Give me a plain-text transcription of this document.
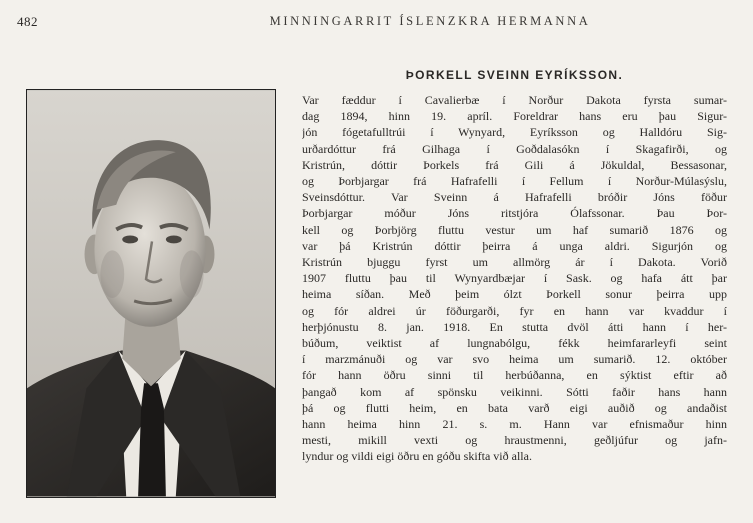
482	MINNINGARRIT ÍSLENZKRA HERMANNA
ÞORKELL SVEINN EYRÍKSSON.
Var fæddur í Cavalierbæ í Norður Dakota fyrsta sumar-
dag 1894, hinn 19. apríl. Foreldrar hans eru þau Sigur-
jón fógetafulltrúi í Wynyard, Eyríksson og Halldóru Sig-
urðardóttur frá Gilhaga í Goðdalasókn í Skagafirði, og
Kristrún, dóttir Þorkels frá Gili á Jökuldal, Bessasonar,
og Þorbjargar frá Hafrafelli í Fellum í Norður-Múlasýslu,
Sveinsdóttur. Var Sveinn á Hafrafelli bróðir Jóns föður
Þorbjargar móður Jóns ritstjóra Ólafssonar. Þau Þor-
kell og Þorbjörg fluttu vestur um haf sumarið 1876 og
var þá Kristrún dóttir þeirra á unga aldri. Sigurjón og
Kristrún bjuggu fyrst um allmörg ár í Dakota. Vorið
1907 fluttu þau til Wynyardbæjar í Sask. og hafa átt þar
heima síðan. Með þeim ólzt Þorkell sonur þeirra upp
og fór aldrei úr föðurgarði, fyr en hann var kvaddur í
herþjónustu 8. jan. 1918. En stutta dvöl átti hann í her-
búðum, veiktist af lungnabólgu, fékk heimfararleyfi seint
í marzmánuði og var svo heima um sumarið. 12. október
fór hann öðru sinni til herbúðanna, en sýktist eftir að
þangað kom af spönsku veikinni. Sótti faðir hans hann
þá og flutti heim, en bata varð eigi auðið og andaðist
hann heima hinn 21. s. m. Hann var efnismaður hinn
mesti, mikill vexti og hraustmenni, geðljúfur og jafn-
lyndur og vildi eigi öðru en góðu skifta við alla.
